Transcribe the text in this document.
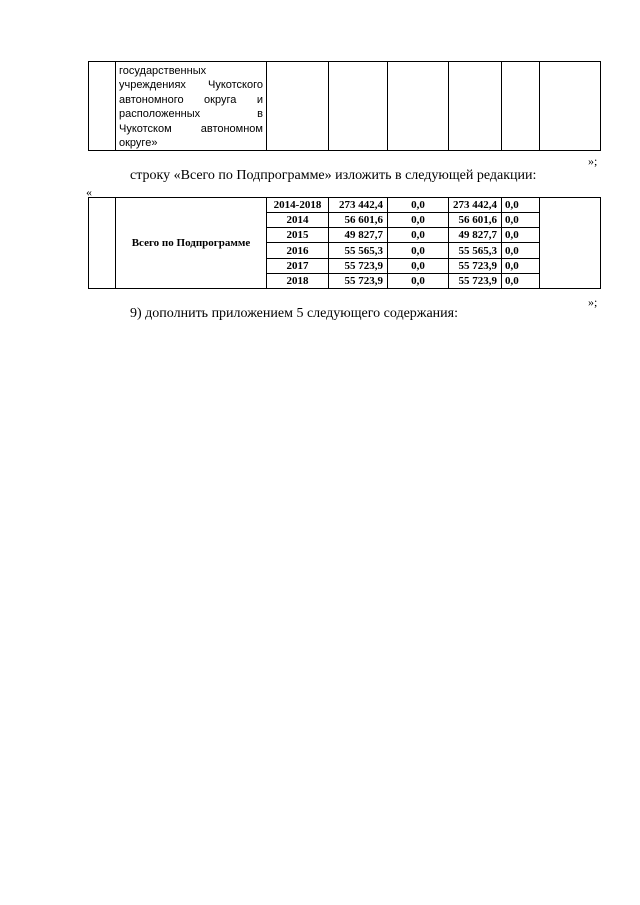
государственных
учреждениях Чукотского
автономного округа и
расположенных в
Чукотском автономном
округе»

»;
строку «Всего по Подпрограмме» изложить в следующей редакции:
«
	Всего по Подпрограмме	2014-2018	273 442,4	0,0	273 442,4	0,0	
		2014	56 601,6	0,0	56 601,6	0,0	
		2015	49 827,7	0,0	49 827,7	0,0	
		2016	55 565,3	0,0	55 565,3	0,0	
		2017	55 723,9	0,0	55 723,9	0,0	
		2018	55 723,9	0,0	55 723,9	0,0	
»;
9) дополнить приложением 5 следующего содержания:
